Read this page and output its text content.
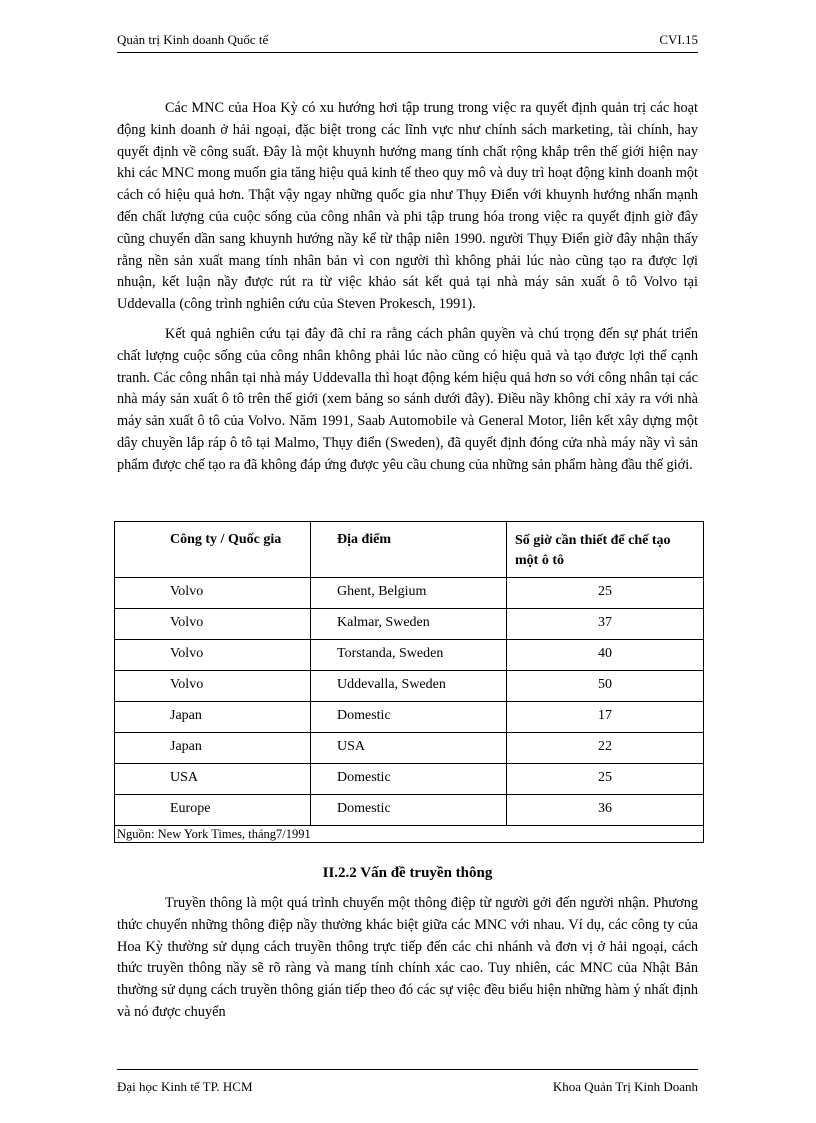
Quản trị Kinh doanh Quốc tế	CVI.15

Các MNC của Hoa Kỳ có xu hướng hơi tập trung trong việc ra quyết định quản trị các hoạt động kinh doanh ở hải ngoại, đặc biệt trong các lĩnh vực như chính sách marketing, tài chính, hay quyết định về công suất. Đây là một khuynh hướng mang tính chất rộng khắp trên thế giới hiện nay khi các MNC mong muốn gia tăng hiệu quả kinh tế theo quy mô và duy trì hoạt động kinh doanh một cách có hiệu quả hơn. Thật vậy ngay những quốc gia như Thụy Điển với khuynh hướng nhấn mạnh đến chất lượng của cuộc sống của công nhân và phi tập trung hóa trong việc ra quyết định giờ đây cũng chuyển dần sang khuynh hướng nầy kể từ thập niên 1990. người Thụy Điển giờ đây nhận thấy rằng nền sản xuất mang tính nhân bản vì con người thì không phải lúc nào cũng tạo ra được lợi nhuận, kết luận nầy được rút ra từ việc khảo sát kết quả tại nhà máy sản xuất ô tô Volvo tại Uddevalla (công trình nghiên cứu của Steven Prokesch, 1991).

Kết quả nghiên cứu tại đây đã chỉ ra rằng cách phân quyền và chú trọng đến sự phát triển chất lượng cuộc sống của công nhân không phải lúc nào cũng có hiệu quả và tạo được lợi thế cạnh tranh. Các công nhân tại nhà máy Uddevalla thì hoạt động kém hiệu quả hơn so với công nhân tại các nhà máy sản xuất ô tô trên thế giới (xem bảng so sánh dưới đây). Điều nầy không chỉ xảy ra với nhà máy sản xuất ô tô của Volvo. Năm 1991, Saab Automobile và General Motor, liên kết xây dựng một dây chuyền lắp ráp ô tô tại Malmo, Thụy điển (Sweden), đã quyết định đóng cửa nhà máy nầy vì sản phẩm được chế tạo ra đã không đáp ứng được yêu cầu chung của những sản phẩm hàng đầu thế giới.

Công ty / Quốc gia	Địa điểm	Số giờ cần thiết để chế tạo một ô tô
Volvo	Ghent, Belgium	25
Volvo	Kalmar, Sweden	37
Volvo	Torstanda, Sweden	40
Volvo	Uddevalla, Sweden	50
Japan	Domestic	17
Japan	USA	22
USA	Domestic	25
Europe	Domestic	36
Nguồn: New York Times, tháng7/1991		
II.2.2 Vấn đề truyền thông

Truyền thông là một quá trình chuyển một thông điệp từ người gởi đến người nhận. Phương thức chuyển những thông điệp nầy thường khác biệt giữa các MNC với nhau. Ví dụ, các công ty của Hoa Kỳ thường sử dụng cách truyền thông trực tiếp đến các chi nhánh và đơn vị ở hải ngoại, cách thức truyền thông nầy sẽ rõ ràng và mang tính chính xác cao. Tuy nhiên, các MNC của Nhật Bản thường sử dụng cách truyền thông gián tiếp theo đó các sự việc đều biểu hiện những hàm ý nhất định và nó được chuyển

Đại học Kinh tế TP. HCM	Khoa Quản Trị Kinh Doanh
